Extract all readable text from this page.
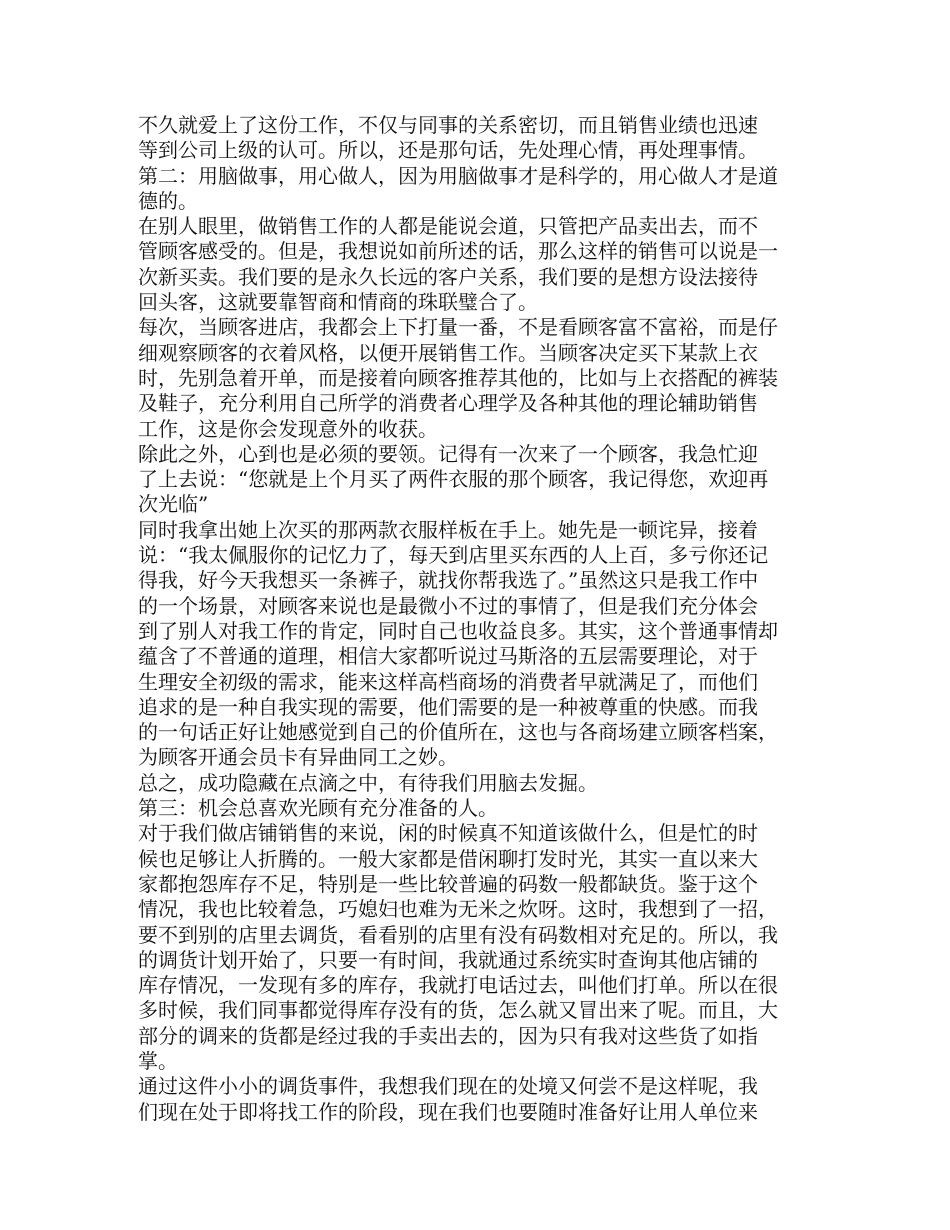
不久就爱上了这份工作，不仅与同事的关系密切，而且销售业绩也迅速
等到公司上级的认可。所以，还是那句话，先处理心情，再处理事情。
第二：用脑做事，用心做人，因为用脑做事才是科学的，用心做人才是道
德的。
在别人眼里，做销售工作的人都是能说会道，只管把产品卖出去，而不
管顾客感受的。但是，我想说如前所述的话，那么这样的销售可以说是一
次新买卖。我们要的是永久长远的客户关系，我们要的是想方设法接待
回头客，这就要靠智商和情商的珠联璧合了。
每次，当顾客进店，我都会上下打量一番，不是看顾客富不富裕，而是仔
细观察顾客的衣着风格，以便开展销售工作。当顾客决定买下某款上衣
时，先别急着开单，而是接着向顾客推荐其他的，比如与上衣搭配的裤装
及鞋子，充分利用自己所学的消费者心理学及各种其他的理论辅助销售
工作，这是你会发现意外的收获。
除此之外，心到也是必须的要领。记得有一次来了一个顾客，我急忙迎
了上去说：“您就是上个月买了两件衣服的那个顾客，我记得您，欢迎再
次光临”
同时我拿出她上次买的那两款衣服样板在手上。她先是一顿诧异，接着
说：“我太佩服你的记忆力了，每天到店里买东西的人上百，多亏你还记
得我，好今天我想买一条裤子，就找你帮我选了。”虽然这只是我工作中
的一个场景，对顾客来说也是最微小不过的事情了，但是我们充分体会
到了别人对我工作的肯定，同时自己也收益良多。其实，这个普通事情却
蕴含了不普通的道理，相信大家都听说过马斯洛的五层需要理论，对于
生理安全初级的需求，能来这样高档商场的消费者早就满足了，而他们
追求的是一种自我实现的需要，他们需要的是一种被尊重的快感。而我
的一句话正好让她感觉到自己的价值所在，这也与各商场建立顾客档案，
为顾客开通会员卡有异曲同工之妙。
总之，成功隐藏在点滴之中，有待我们用脑去发掘。
第三：机会总喜欢光顾有充分准备的人。
对于我们做店铺销售的来说，闲的时候真不知道该做什么，但是忙的时
候也足够让人折腾的。一般大家都是借闲聊打发时光，其实一直以来大
家都抱怨库存不足，特别是一些比较普遍的码数一般都缺货。鉴于这个
情况，我也比较着急，巧媳妇也难为无米之炊呀。这时，我想到了一招，
要不到别的店里去调货，看看别的店里有没有码数相对充足的。所以，我
的调货计划开始了，只要一有时间，我就通过系统实时查询其他店铺的
库存情况，一发现有多的库存，我就打电话过去，叫他们打单。所以在很
多时候，我们同事都觉得库存没有的货，怎么就又冒出来了呢。而且，大
部分的调来的货都是经过我的手卖出去的，因为只有我对这些货了如指
掌。
通过这件小小的调货事件，我想我们现在的处境又何尝不是这样呢，我
们现在处于即将找工作的阶段，现在我们也要随时准备好让用人单位来
